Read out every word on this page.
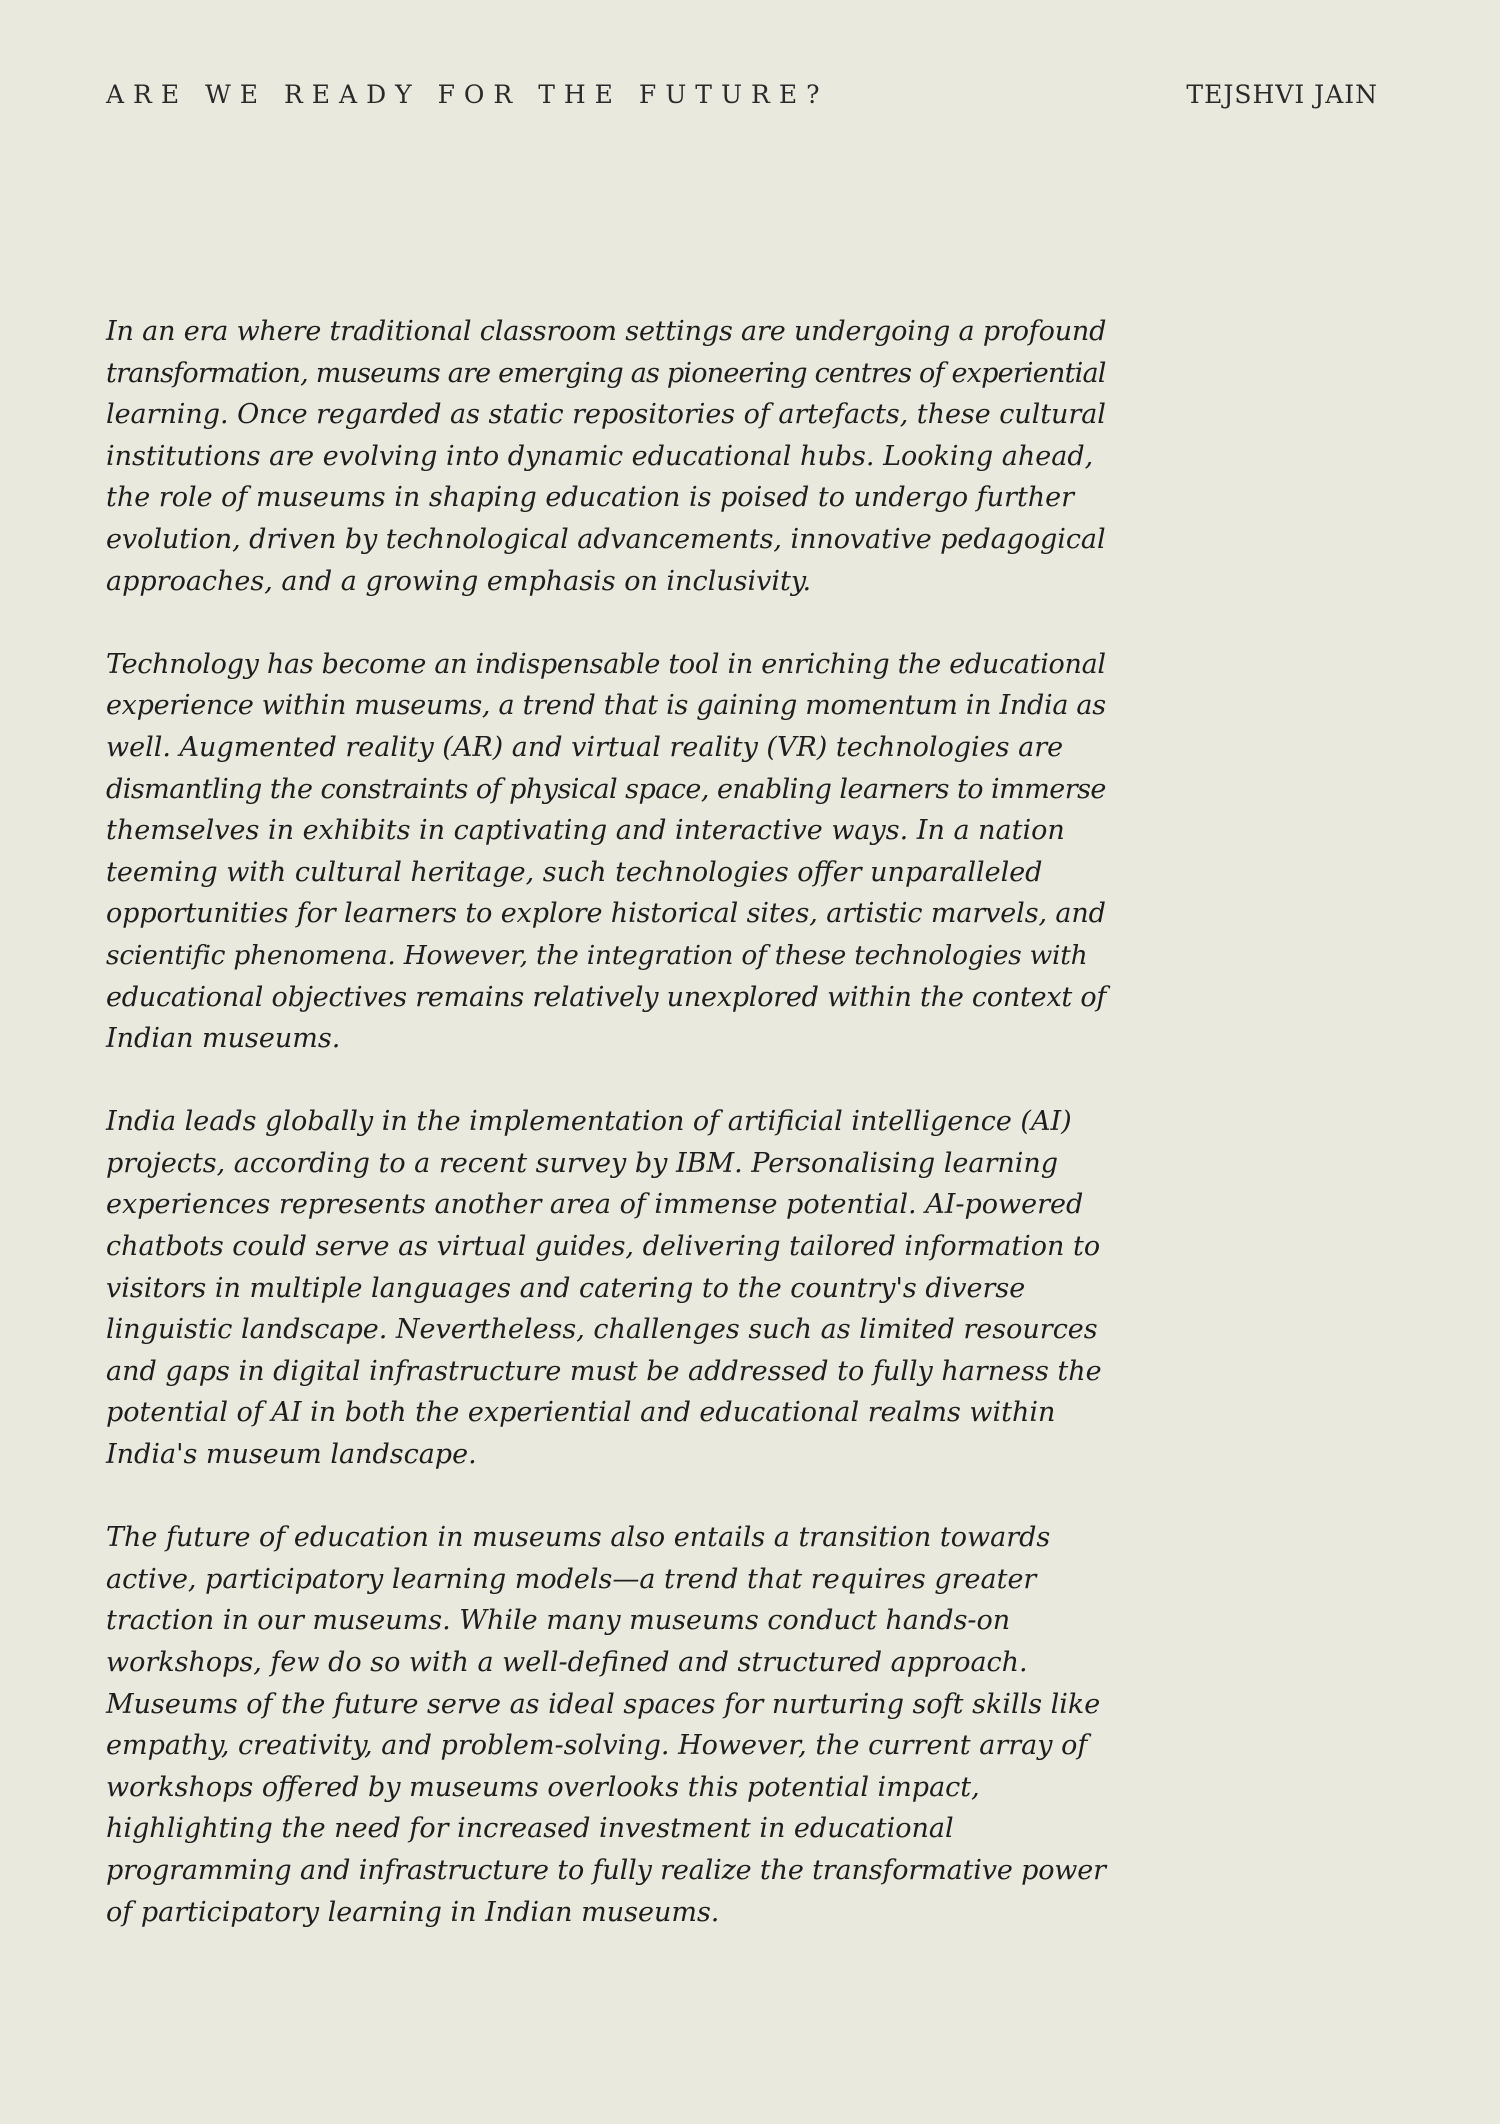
ARE WE READY FOR THE FUTURE?	TEJSHVI JAIN

In an era where traditional classroom settings are undergoing a profound
transformation, museums are emerging as pioneering centres of experiential
learning. Once regarded as static repositories of artefacts, these cultural
institutions are evolving into dynamic educational hubs. Looking ahead,
the role of museums in shaping education is poised to undergo further
evolution, driven by technological advancements, innovative pedagogical
approaches, and a growing emphasis on inclusivity.

Technology has become an indispensable tool in enriching the educational
experience within museums, a trend that is gaining momentum in India as
well. Augmented reality (AR) and virtual reality (VR) technologies are
dismantling the constraints of physical space, enabling learners to immerse
themselves in exhibits in captivating and interactive ways. In a nation
teeming with cultural heritage, such technologies offer unparalleled
opportunities for learners to explore historical sites, artistic marvels, and
scientific phenomena. However, the integration of these technologies with
educational objectives remains relatively unexplored within the context of
Indian museums.

India leads globally in the implementation of artificial intelligence (AI)
projects, according to a recent survey by IBM. Personalising learning
experiences represents another area of immense potential. AI-powered
chatbots could serve as virtual guides, delivering tailored information to
visitors in multiple languages and catering to the country's diverse
linguistic landscape. Nevertheless, challenges such as limited resources
and gaps in digital infrastructure must be addressed to fully harness the
potential of AI in both the experiential and educational realms within
India's museum landscape.

The future of education in museums also entails a transition towards
active, participatory learning models—a trend that requires greater
traction in our museums. While many museums conduct hands-on
workshops, few do so with a well-defined and structured approach.
Museums of the future serve as ideal spaces for nurturing soft skills like
empathy, creativity, and problem-solving. However, the current array of
workshops offered by museums overlooks this potential impact,
highlighting the need for increased investment in educational
programming and infrastructure to fully realize the transformative power
of participatory learning in Indian museums.
